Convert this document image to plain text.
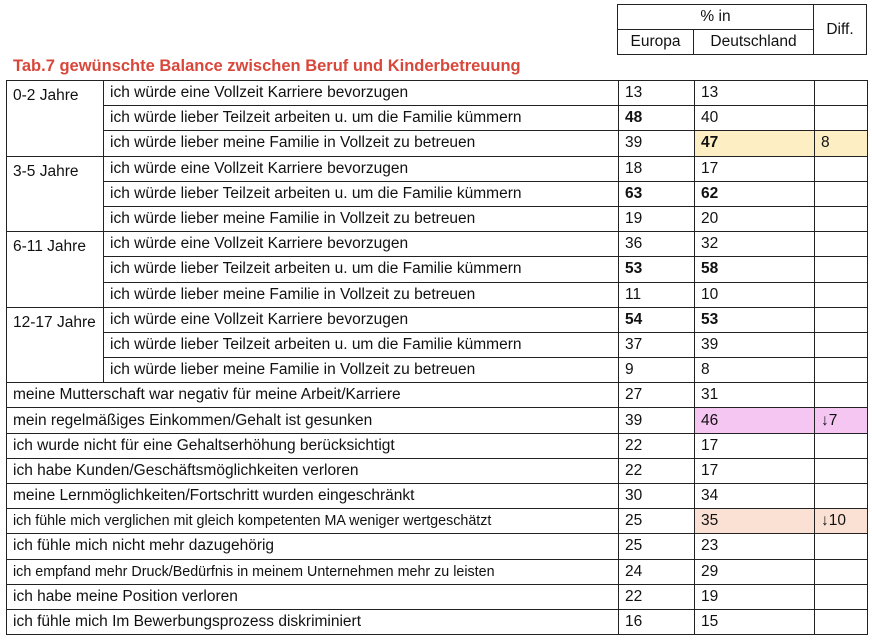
% in		Diff.
Europa	Deutschland	
Tab.7 gewünschte Balance zwischen Beruf und Kinderbetreuung
0-2 Jahre	ich würde eine Vollzeit Karriere bevorzugen	13	13	
	ich würde lieber Teilzeit arbeiten u. um die Familie kümmern	48	40	
	ich würde lieber meine Familie in Vollzeit zu betreuen	39	47	8
3-5 Jahre	ich würde eine Vollzeit Karriere bevorzugen	18	17	
	ich würde lieber Teilzeit arbeiten u. um die Familie kümmern	63	62	
	ich würde lieber meine Familie in Vollzeit zu betreuen	19	20	
6-11 Jahre	ich würde eine Vollzeit Karriere bevorzugen	36	32	
	ich würde lieber Teilzeit arbeiten u. um die Familie kümmern	53	58	
	ich würde lieber meine Familie in Vollzeit zu betreuen	11	10	
12-17 Jahre	ich würde eine Vollzeit Karriere bevorzugen	54	53	
	ich würde lieber Teilzeit arbeiten u. um die Familie kümmern	37	39	
	ich würde lieber meine Familie in Vollzeit zu betreuen	9	8	
meine Mutterschaft war negativ für meine Arbeit/Karriere		27	31	
mein regelmäßiges Einkommen/Gehalt ist gesunken		39	46	↓7
ich wurde nicht für eine Gehaltserhöhung berücksichtigt		22	17	
ich habe Kunden/Geschäftsmöglichkeiten verloren		22	17	
meine Lernmöglichkeiten/Fortschritt wurden eingeschränkt		30	34	
ich fühle mich verglichen mit gleich kompetenten MA weniger wertgeschätzt		25	35	↓10
ich fühle mich nicht mehr dazugehörig		25	23	
ich empfand mehr Druck/Bedürfnis in meinem Unternehmen mehr zu leisten		24	29	
ich habe meine Position verloren		22	19	
ich fühle mich Im Bewerbungsprozess diskriminiert		16	15	
